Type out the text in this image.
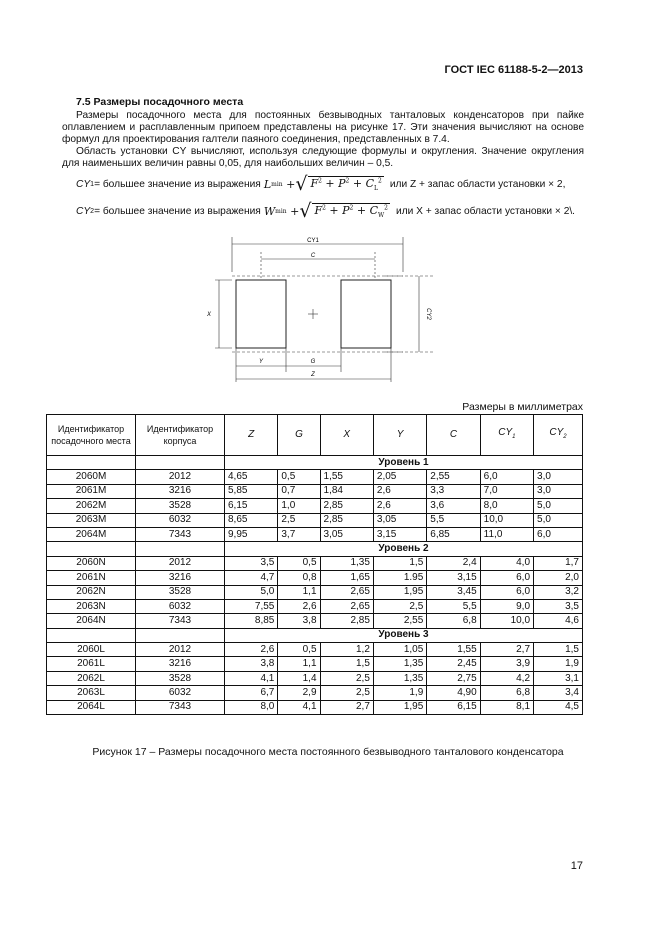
ГОСТ IEC 61188-5-2—2013
7.5 Размеры посадочного места
Размеры посадочного места для постоянных безвыводных танталовых конденсаторов при пайке оплавлением и расплавленным припоем представлены на рисунке 17. Эти значения вычисляют на основе формул для проектирования галтели паяного соединения, представленных в 7.4.
Область установки CY вычисляют, используя следующие формулы и округления. Значение округления для наименьших величин равны 0,05, для наибольших величин – 0,5.
CY 1 = большее значение из выражения L min
+ √ $F^2 + P^2 + C_L^2$ или Z + запас области установки × 2,
CY 2 = большее значение из выражения W min
+ √ $F^2 + P^2 + C_W^2$ или X + запас области установки × 2\.
CY1
C
X	CY2
Y	G
Z
Размеры в миллиметрах
Идентификатор посадочного места	Идентификатор корпуса	Z	G	X	Y	C	$CY_1$	$CY_2$
		Уровень 1						
2060M	2012	4,65	0,5	1,55	2,05	2,55	6,0	3,0
2061M	3216	5,85	0,7	1,84	2,6	3,3	7,0	3,0
2062M	3528	6,15	1,0	2,85	2,6	3,6	8,0	5,0
2063M	6032	8,65	2,5	2,85	3,05	5,5	10,0	5,0
2064M	7343	9,95	3,7	3,05	3,15	6,85	11,0	6,0
		Уровень 2						
2060N	2012	3,5	0,5	1,35	1,5	2,4	4,0	1,7
2061N	3216	4,7	0,8	1,65	1.95	3,15	6,0	2,0
2062N	3528	5,0	1,1	2,65	1,95	3,45	6,0	3,2
2063N	6032	7,55	2,6	2,65	2,5	5,5	9,0	3,5
2064N	7343	8,85	3,8	2,85	2,55	6,8	10,0	4,6
		Уровень 3						
2060L	2012	2,6	0,5	1,2	1,05	1,55	2,7	1,5
2061L	3216	3,8	1,1	1,5	1,35	2,45	3,9	1,9
2062L	3528	4,1	1,4	2,5	1,35	2,75	4,2	3,1
2063L	6032	6,7	2,9	2,5	1,9	4,90	6,8	3,4
2064L	7343	8,0	4,1	2,7	1,95	6,15	8,1	4,5
Рисунок 17 – Размеры посадочного места постоянного безвыводного танталового конденсатора
17
